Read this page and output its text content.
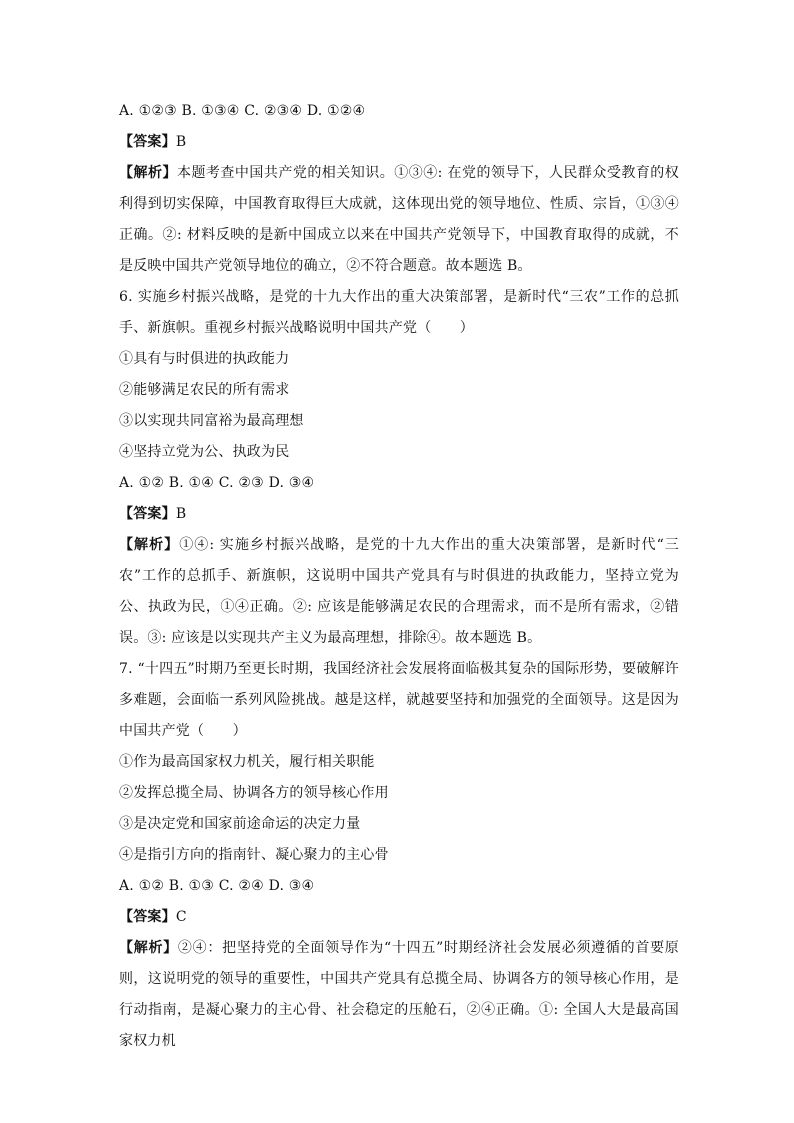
A. ①②③ B. ①③④ C. ②③④ D. ①②④
【答案】B
【解析】本题考查中国共产党的相关知识。①③④: 在党的领导下，人民群众受教育的权利得到切实保障，中国教育取得巨大成就，这体现出党的领导地位、性质、宗旨，①③④正确。②: 材料反映的是新中国成立以来在中国共产党领导下，中国教育取得的成就，不是反映中国共产党领导地位的确立，②不符合题意。故本题选 B。
6. 实施乡村振兴战略，是党的十九大作出的重大决策部署，是新时代“三农”工作的总抓手、新旗帜。重视乡村振兴战略说明中国共产党（　　）
①具有与时俱进的执政能力
②能够满足农民的所有需求
③以实现共同富裕为最高理想
④坚持立党为公、执政为民
A. ①② B. ①④ C. ②③ D. ③④
【答案】B
【解析】①④: 实施乡村振兴战略，是党的十九大作出的重大决策部署，是新时代“三农”工作的总抓手、新旗帜，这说明中国共产党具有与时俱进的执政能力，坚持立党为公、执政为民，①④正确。②: 应该是能够满足农民的合理需求，而不是所有需求，②错误。③: 应该是以实现共产主义为最高理想，排除④。故本题选 B。
7. “十四五”时期乃至更长时期，我国经济社会发展将面临极其复杂的国际形势，要破解许多难题，会面临一系列风险挑战。越是这样，就越要坚持和加强党的全面领导。这是因为中国共产党（　　）
①作为最高国家权力机关，履行相关职能
②发挥总揽全局、协调各方的领导核心作用
③是决定党和国家前途命运的决定力量
④是指引方向的指南针、凝心聚力的主心骨
A. ①② B. ①③ C. ②④ D. ③④
【答案】C
【解析】②④：把坚持党的全面领导作为“十四五”时期经济社会发展必须遵循的首要原则，这说明党的领导的重要性，中国共产党具有总揽全局、协调各方的领导核心作用，是行动指南，是凝心聚力的主心骨、社会稳定的压舱石，②④正确。①: 全国人大是最高国家权力机
